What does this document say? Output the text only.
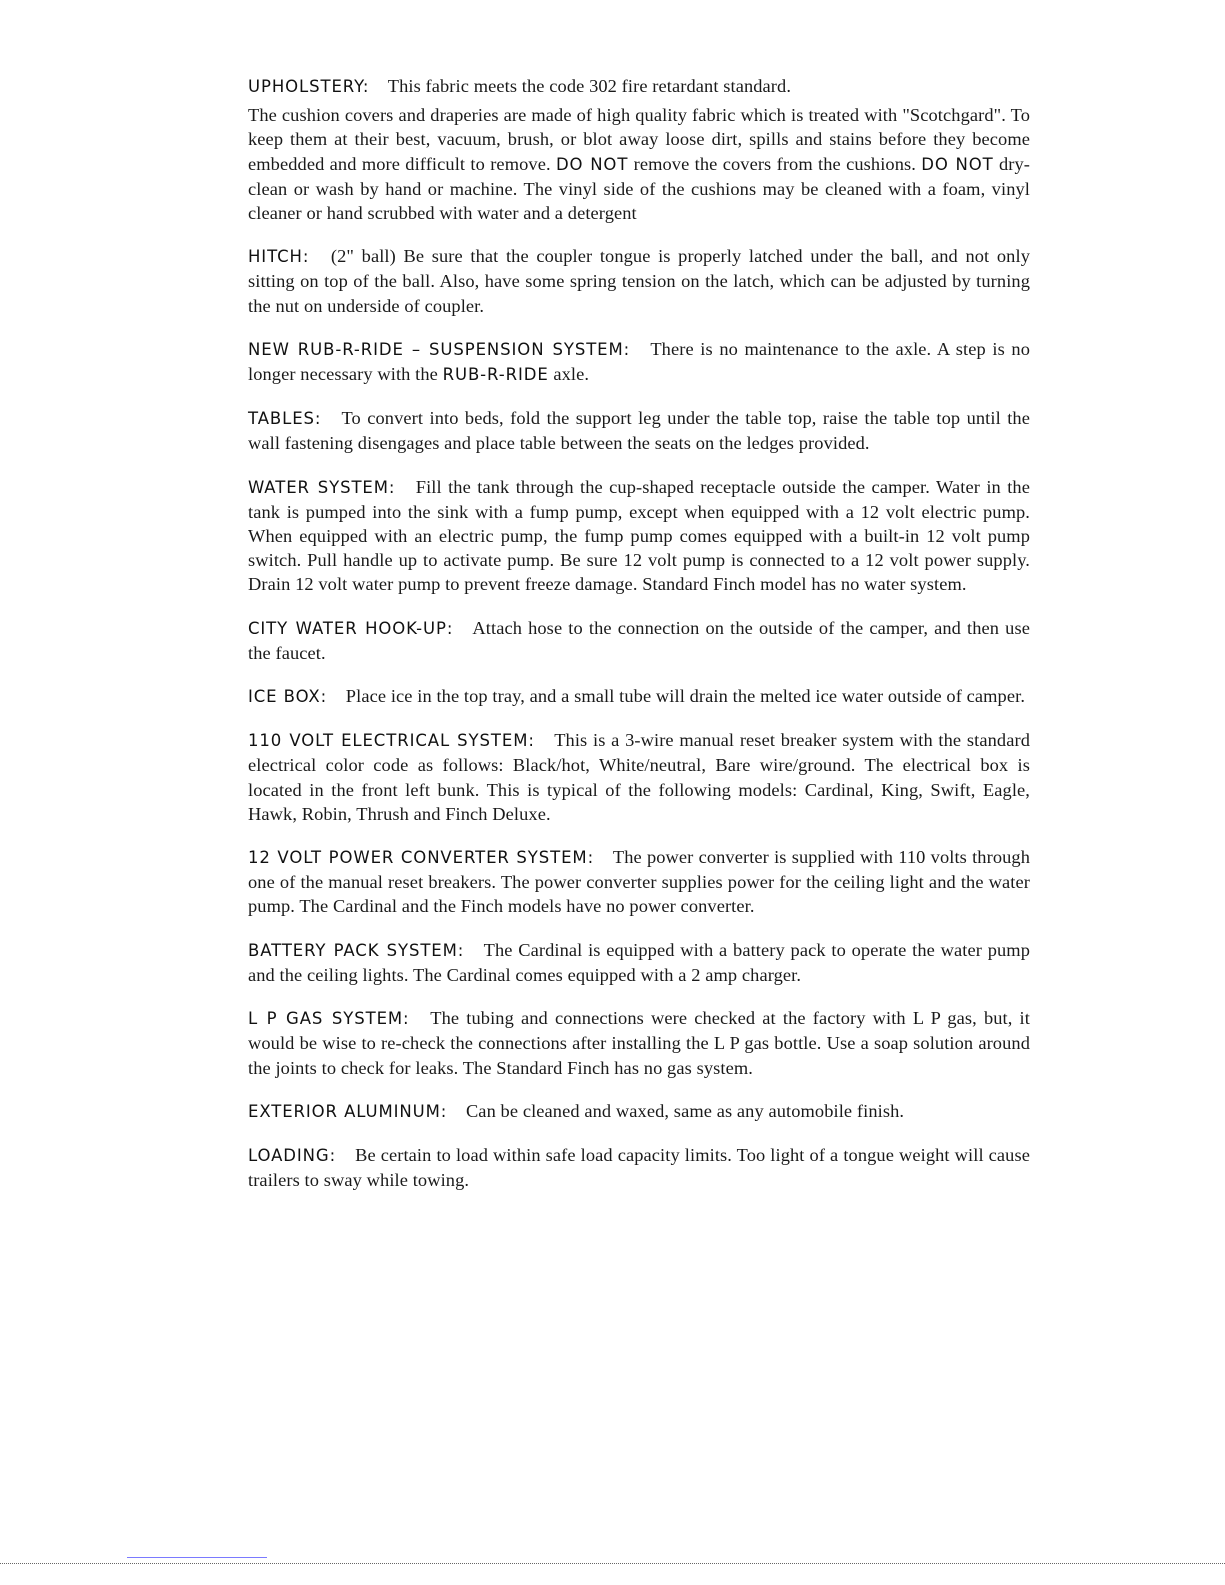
UPHOLSTERY: This fabric meets the code 302 fire retardant standard.
The cushion covers and draperies are made of high quality fabric which is treated with "Scotchgard". To keep them at their best, vacuum, brush, or blot away loose dirt, spills and stains before they become embedded and more difficult to remove. DO NOT remove the covers from the cushions. DO NOT dry-clean or wash by hand or machine. The vinyl side of the cushions may be cleaned with a foam, vinyl cleaner or hand scrubbed with water and a detergent
HITCH: (2" ball) Be sure that the coupler tongue is properly latched under the ball, and not only sitting on top of the ball. Also, have some spring tension on the latch, which can be adjusted by turning the nut on underside of coupler.
NEW RUB-R-RIDE – SUSPENSION SYSTEM: There is no maintenance to the axle. A step is no longer necessary with the RUB-R-RIDE axle.
TABLES: To convert into beds, fold the support leg under the table top, raise the table top until the wall fastening disengages and place table between the seats on the ledges provided.
WATER SYSTEM: Fill the tank through the cup-shaped receptacle outside the camper. Water in the tank is pumped into the sink with a fump pump, except when equipped with a 12 volt electric pump. When equipped with an electric pump, the fump pump comes equipped with a built-in 12 volt pump switch. Pull handle up to activate pump. Be sure 12 volt pump is connected to a 12 volt power supply. Drain 12 volt water pump to prevent freeze damage. Standard Finch model has no water system.
CITY WATER HOOK-UP: Attach hose to the connection on the outside of the camper, and then use the faucet.
ICE BOX: Place ice in the top tray, and a small tube will drain the melted ice water outside of camper.
110 VOLT ELECTRICAL SYSTEM: This is a 3-wire manual reset breaker system with the standard electrical color code as follows: Black/hot, White/neutral, Bare wire/ground. The electrical box is located in the front left bunk. This is typical of the following models: Cardinal, King, Swift, Eagle, Hawk, Robin, Thrush and Finch Deluxe.
12 VOLT POWER CONVERTER SYSTEM: The power converter is supplied with 110 volts through one of the manual reset breakers. The power converter supplies power for the ceiling light and the water pump. The Cardinal and the Finch models have no power converter.
BATTERY PACK SYSTEM: The Cardinal is equipped with a battery pack to operate the water pump and the ceiling lights. The Cardinal comes equipped with a 2 amp charger.
L P GAS SYSTEM: The tubing and connections were checked at the factory with L P gas, but, it would be wise to re-check the connections after installing the L P gas bottle. Use a soap solution around the joints to check for leaks. The Standard Finch has no gas system.
EXTERIOR ALUMINUM: Can be cleaned and waxed, same as any automobile finish.
LOADING: Be certain to load within safe load capacity limits. Too light of a tongue weight will cause trailers to sway while towing.
